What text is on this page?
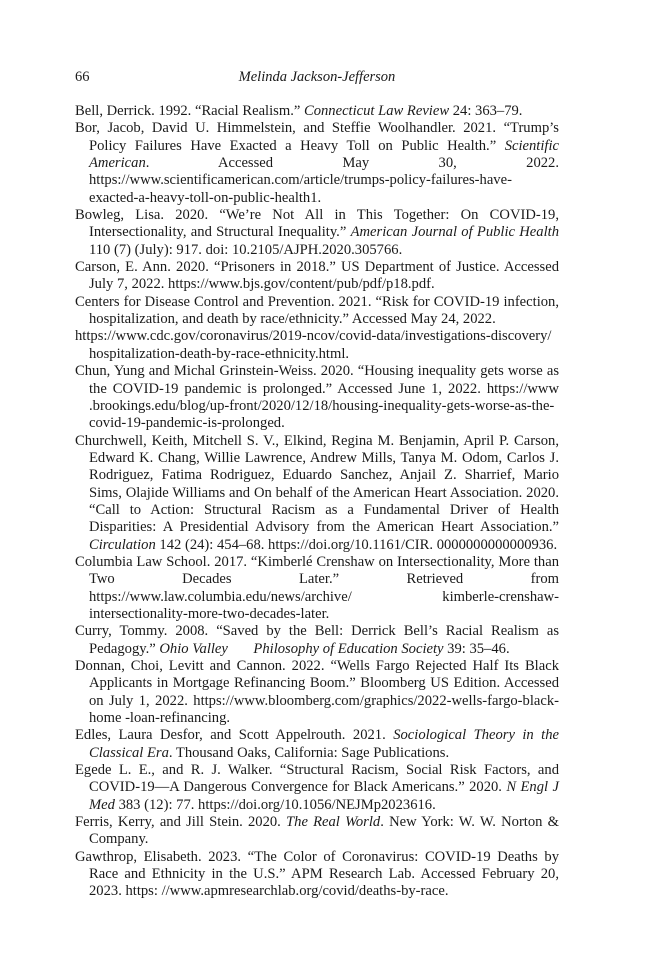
66	Melinda Jackson-Jefferson

Bell, Derrick. 1992. “Racial Realism.” Connecticut Law Review 24: 363–79.

Bor, Jacob, David U. Himmelstein, and Steffie Woolhandler. 2021. “Trump’s Policy Failures Have Exacted a Heavy Toll on Public Health.” Scientific American. Accessed May 30, 2022. https://www.scientificamerican.com/article/trumps-policy-failures-have-exacted-a-heavy-toll-on-public-health1.

Bowleg, Lisa. 2020. “We’re Not All in This Together: On COVID-19, Intersectionality, and Structural Inequality.” American Journal of Public Health 110 (7) (July): 917. doi: 10.2105/AJPH.2020.305766.

Carson, E. Ann. 2020. “Prisoners in 2018.” US Department of Justice. Accessed July 7, 2022. https://www.bjs.gov/content/pub/pdf/p18.pdf.

Centers for Disease Control and Prevention. 2021. “Risk for COVID-19 infection, hospitalization, and death by race/ethnicity.” Accessed May 24, 2022.

https://www.cdc.gov/coronavirus/2019-ncov/covid-data/investigations-discovery/ hospitalization-death-by-race-ethnicity.html.

Chun, Yung and Michal Grinstein-Weiss. 2020. “Housing inequality gets worse as the COVID-19 pandemic is prolonged.” Accessed June 1, 2022. https://www .brookings.edu/blog/up-front/2020/12/18/housing-inequality-gets-worse-as-the-covid-19-pandemic-is-prolonged.

Churchwell, Keith, Mitchell S. V., Elkind, Regina M. Benjamin, April P. Carson, Edward K. Chang, Willie Lawrence, Andrew Mills, Tanya M. Odom, Carlos J. Rodriguez, Fatima Rodriguez, Eduardo Sanchez, Anjail Z. Sharrief, Mario Sims, Olajide Williams and On behalf of the American Heart Association. 2020. “Call to Action: Structural Racism as a Fundamental Driver of Health Disparities: A Presidential Advisory from the American Heart Association.” Circulation 142 (24): 454–68. https://doi.org/10.1161/CIR. 0000000000000936.

Columbia Law School. 2017. “Kimberlé Crenshaw on Intersectionality, More than Two Decades Later.” Retrieved from https://www.law.columbia.edu/news/archive/ kimberle-crenshaw-intersectionality-more-two-decades-later.

Curry, Tommy. 2008. “Saved by the Bell: Derrick Bell’s Racial Realism as Pedagogy.” Ohio Valley       Philosophy of Education Society 39: 35–46.

Donnan, Choi, Levitt and Cannon. 2022. “Wells Fargo Rejected Half Its Black Applicants in Mortgage Refinancing Boom.” Bloomberg US Edition. Accessed on July 1, 2022. https://www.bloomberg.com/graphics/2022-wells-fargo-black-home -loan-refinancing.

Edles, Laura Desfor, and Scott Appelrouth. 2021. Sociological Theory in the Classical Era. Thousand Oaks, California: Sage Publications.

Egede L. E., and R. J. Walker. “Structural Racism, Social Risk Factors, and COVID-19—A Dangerous Convergence for Black Americans.” 2020. N Engl J Med 383 (12): 77. https://doi.org/10.1056/NEJMp2023616.

Ferris, Kerry, and Jill Stein. 2020. The Real World. New York: W. W. Norton & Company.

Gawthrop, Elisabeth. 2023. “The Color of Coronavirus: COVID-19 Deaths by Race and Ethnicity in the U.S.” APM Research Lab. Accessed February 20, 2023. https: //www.apmresearchlab.org/covid/deaths-by-race.
